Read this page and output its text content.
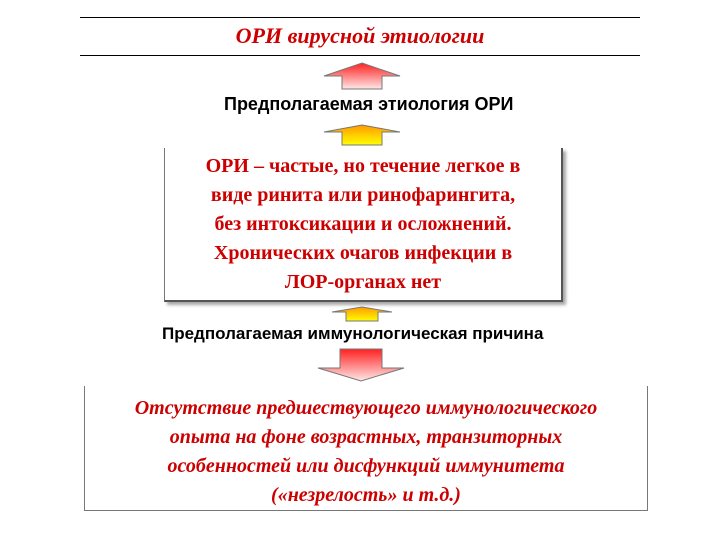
ОРИ вирусной этиологии
Предполагаемая этиология ОРИ
ОРИ – частые, но течение легкое в
виде ринита или ринофарингита,
без интоксикации и осложнений.
Хронических очагов инфекции в
ЛОР-органах нет
Предполагаемая иммунологическая причина
Отсутствие предшествующего иммунологического
опыта на фоне возрастных, транзиторных
особенностей или дисфункций иммунитета
(«незрелость» и т.д.)
